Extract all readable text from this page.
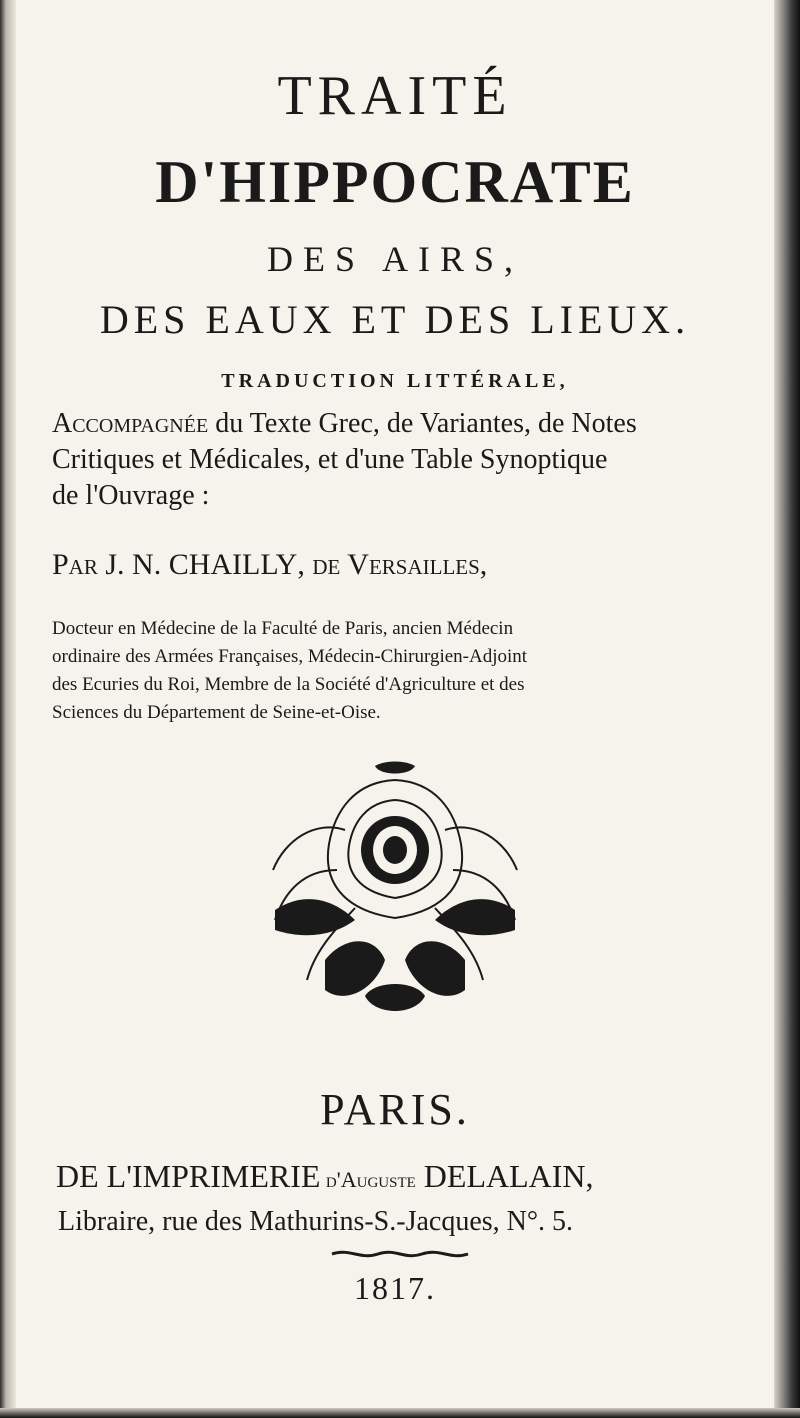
TRAITÉ
D'HIPPOCRATE
DES AIRS,
DES EAUX ET DES LIEUX.
TRADUCTION LITTÉRALE,
Accompagnée du Texte Grec, de Variantes, de Notes
Critiques et Médicales, et d'une Table Synoptique
de l'Ouvrage :
Par J. N. CHAILLY, de Versailles,
Docteur en Médecine de la Faculté de Paris, ancien Médecin
ordinaire des Armées Françaises, Médecin-Chirurgien-Adjoint
des Ecuries du Roi, Membre de la Société d'Agriculture et des
Sciences du Département de Seine-et-Oise.
PARIS.
DE L'IMPRIMERIE d'Auguste DELALAIN,
Libraire, rue des Mathurins-S.-Jacques, N°. 5.
1817.
